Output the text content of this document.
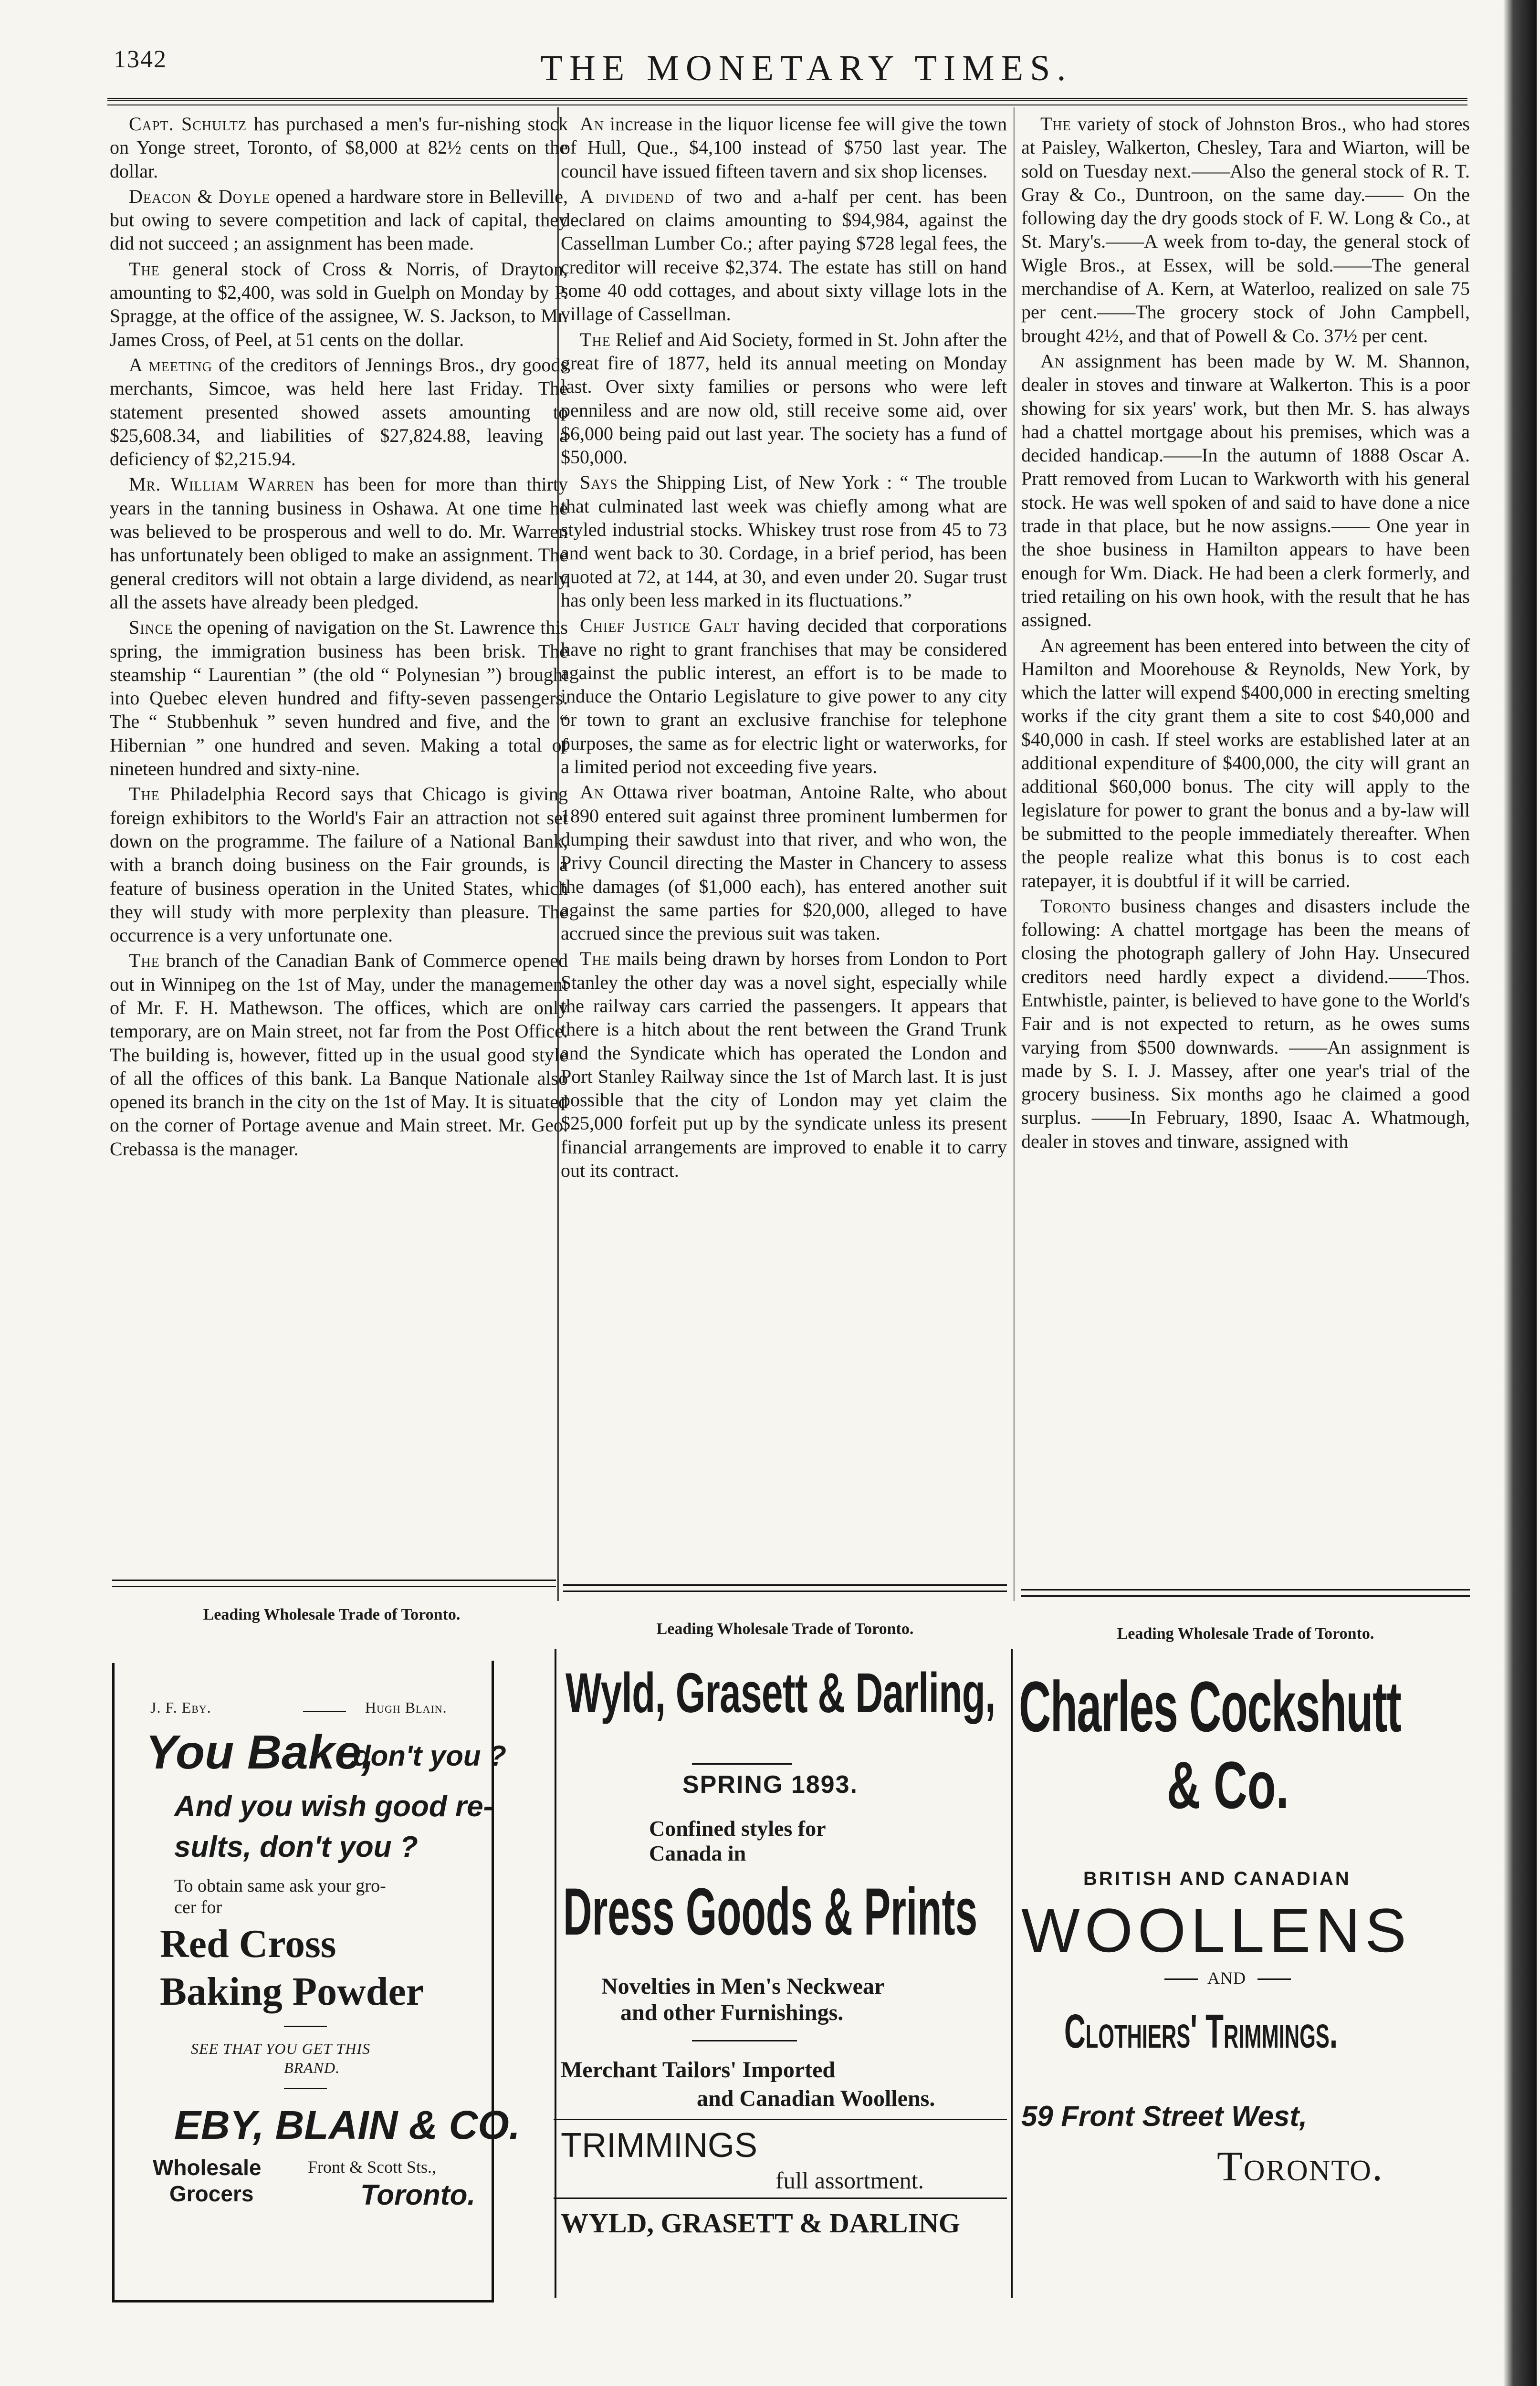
1342	THE MONETARY TIMES.

Capt. Schultz has purchased a men's fur-nishing stock on Yonge street, Toronto, of $8,000 at 82½ cents on the dollar.

Deacon & Doyle opened a hardware store in Belleville, but owing to severe competition and lack of capital, they did not succeed ; an assignment has been made.

The general stock of Cross & Norris, of Drayton, amounting to $2,400, was sold in Guelph on Monday by P. Spragge, at the office of the assignee, W. S. Jackson, to Mr. James Cross, of Peel, at 51 cents on the dollar.

A meeting of the creditors of Jennings Bros., dry goods merchants, Simcoe, was held here last Friday. The statement presented showed assets amounting to $25,608.34, and liabilities of $27,824.88, leaving a deficiency of $2,215.94.

Mr. William Warren has been for more than thirty years in the tanning business in Oshawa. At one time he was believed to be prosperous and well to do. Mr. Warren has unfortunately been obliged to make an assignment. The general creditors will not obtain a large dividend, as nearly all the assets have already been pledged.

Since the opening of navigation on the St. Lawrence this spring, the immigration business has been brisk. The steamship “ Laurentian ” (the old “ Polynesian ”) brought into Quebec eleven hundred and fifty-seven passengers. The “ Stubbenhuk ” seven hundred and five, and the “ Hibernian ” one hundred and seven. Making a total of nineteen hundred and sixty-nine.

The Philadelphia Record says that Chicago is giving foreign exhibitors to the World's Fair an attraction not set down on the programme. The failure of a National Bank, with a branch doing business on the Fair grounds, is a feature of business operation in the United States, which they will study with more perplexity than pleasure. The occurrence is a very unfortunate one.

The branch of the Canadian Bank of Commerce opened out in Winnipeg on the 1st of May, under the management of Mr. F. H. Mathewson. The offices, which are only temporary, are on Main street, not far from the Post Office. The building is, however, fitted up in the usual good style of all the offices of this bank. La Banque Nationale also opened its branch in the city on the 1st of May. It is situated on the corner of Portage avenue and Main street. Mr. Geo. Crebassa is the manager.

An increase in the liquor license fee will give the town of Hull, Que., $4,100 instead of $750 last year. The council have issued fifteen tavern and six shop licenses.

A dividend of two and a-half per cent. has been declared on claims amounting to $94,984, against the Cassellman Lumber Co.; after paying $728 legal fees, the creditor will receive $2,374. The estate has still on hand some 40 odd cottages, and about sixty village lots in the village of Cassellman.

The Relief and Aid Society, formed in St. John after the great fire of 1877, held its annual meeting on Monday last. Over sixty families or persons who were left penniless and are now old, still receive some aid, over $6,000 being paid out last year. The society has a fund of $50,000.

Says the Shipping List, of New York : “ The trouble that culminated last week was chiefly among what are styled industrial stocks. Whiskey trust rose from 45 to 73 and went back to 30. Cordage, in a brief period, has been quoted at 72, at 144, at 30, and even under 20. Sugar trust has only been less marked in its fluctuations.”

Chief Justice Galt having decided that corporations have no right to grant franchises that may be considered against the public interest, an effort is to be made to induce the Ontario Legislature to give power to any city or town to grant an exclusive franchise for telephone purposes, the same as for electric light or waterworks, for a limited period not exceeding five years.

An Ottawa river boatman, Antoine Ralte, who about 1890 entered suit against three prominent lumbermen for dumping their sawdust into that river, and who won, the Privy Council directing the Master in Chancery to assess the damages (of $1,000 each), has entered another suit against the same parties for $20,000, alleged to have accrued since the previous suit was taken.

The mails being drawn by horses from London to Port Stanley the other day was a novel sight, especially while the railway cars carried the passengers. It appears that there is a hitch about the rent between the Grand Trunk and the Syndicate which has operated the London and Port Stanley Railway since the 1st of March last. It is just possible that the city of London may yet claim the $25,000 forfeit put up by the syndicate unless its present financial arrangements are improved to enable it to carry out its contract.

The variety of stock of Johnston Bros., who had stores at Paisley, Walkerton, Chesley, Tara and Wiarton, will be sold on Tuesday next.——Also the general stock of R. T. Gray & Co., Duntroon, on the same day.—— On the following day the dry goods stock of F. W. Long & Co., at St. Mary's.——A week from to-day, the general stock of Wigle Bros., at Essex, will be sold.——The general merchandise of A. Kern, at Waterloo, realized on sale 75 per cent.——The grocery stock of John Campbell, brought 42½, and that of Powell & Co. 37½ per cent.

An assignment has been made by W. M. Shannon, dealer in stoves and tinware at Walkerton. This is a poor showing for six years' work, but then Mr. S. has always had a chattel mortgage about his premises, which was a decided handicap.——In the autumn of 1888 Oscar A. Pratt removed from Lucan to Warkworth with his general stock. He was well spoken of and said to have done a nice trade in that place, but he now assigns.—— One year in the shoe business in Hamilton appears to have been enough for Wm. Diack. He had been a clerk formerly, and tried retailing on his own hook, with the result that he has assigned.

An agreement has been entered into between the city of Hamilton and Moorehouse & Reynolds, New York, by which the latter will expend $400,000 in erecting smelting works if the city grant them a site to cost $40,000 and $40,000 in cash. If steel works are established later at an additional expenditure of $400,000, the city will grant an additional $60,000 bonus. The city will apply to the legislature for power to grant the bonus and a by-law will be submitted to the people immediately thereafter. When the people realize what this bonus is to cost each ratepayer, it is doubtful if it will be carried.

Toronto business changes and disasters include the following: A chattel mortgage has been the means of closing the photograph gallery of John Hay. Unsecured creditors need hardly expect a dividend.——Thos. Entwhistle, painter, is believed to have gone to the World's Fair and is not expected to return, as he owes sums varying from $500 downwards. ——An assignment is made by S. I. J. Massey, after one year's trial of the grocery business. Six months ago he claimed a good surplus. ——In February, 1890, Isaac A. Whatmough, dealer in stoves and tinware, assigned with

Leading Wholesale Trade of Toronto.
Leading Wholesale Trade of Toronto.	Leading Wholesale Trade of Toronto.
J. F. Eby.	Hugh Blain.
You Bake,
don't you ?
And you wish good re-
sults, don't you ?
To obtain same ask your gro-
cer for
Red Cross
Baking Powder
SEE THAT YOU GET THIS
BRAND.
EBY, BLAIN & CO.
Wholesale
Grocers
Front & Scott Sts.,
Toronto.
Wyld, Grasett & Darling,
SPRING 1893.
Confined styles for
Canada in
Dress Goods & Prints
Novelties in Men's Neckwear
and other Furnishings.
Merchant Tailors' Imported
and Canadian Woollens.
TRIMMINGS
full assortment.
WYLD, GRASETT & DARLING
Charles Cockshutt
& Co.
BRITISH AND CANADIAN
WOOLLENS
AND
Clothiers' Trimmings.
59 Front Street West,
Toronto.
